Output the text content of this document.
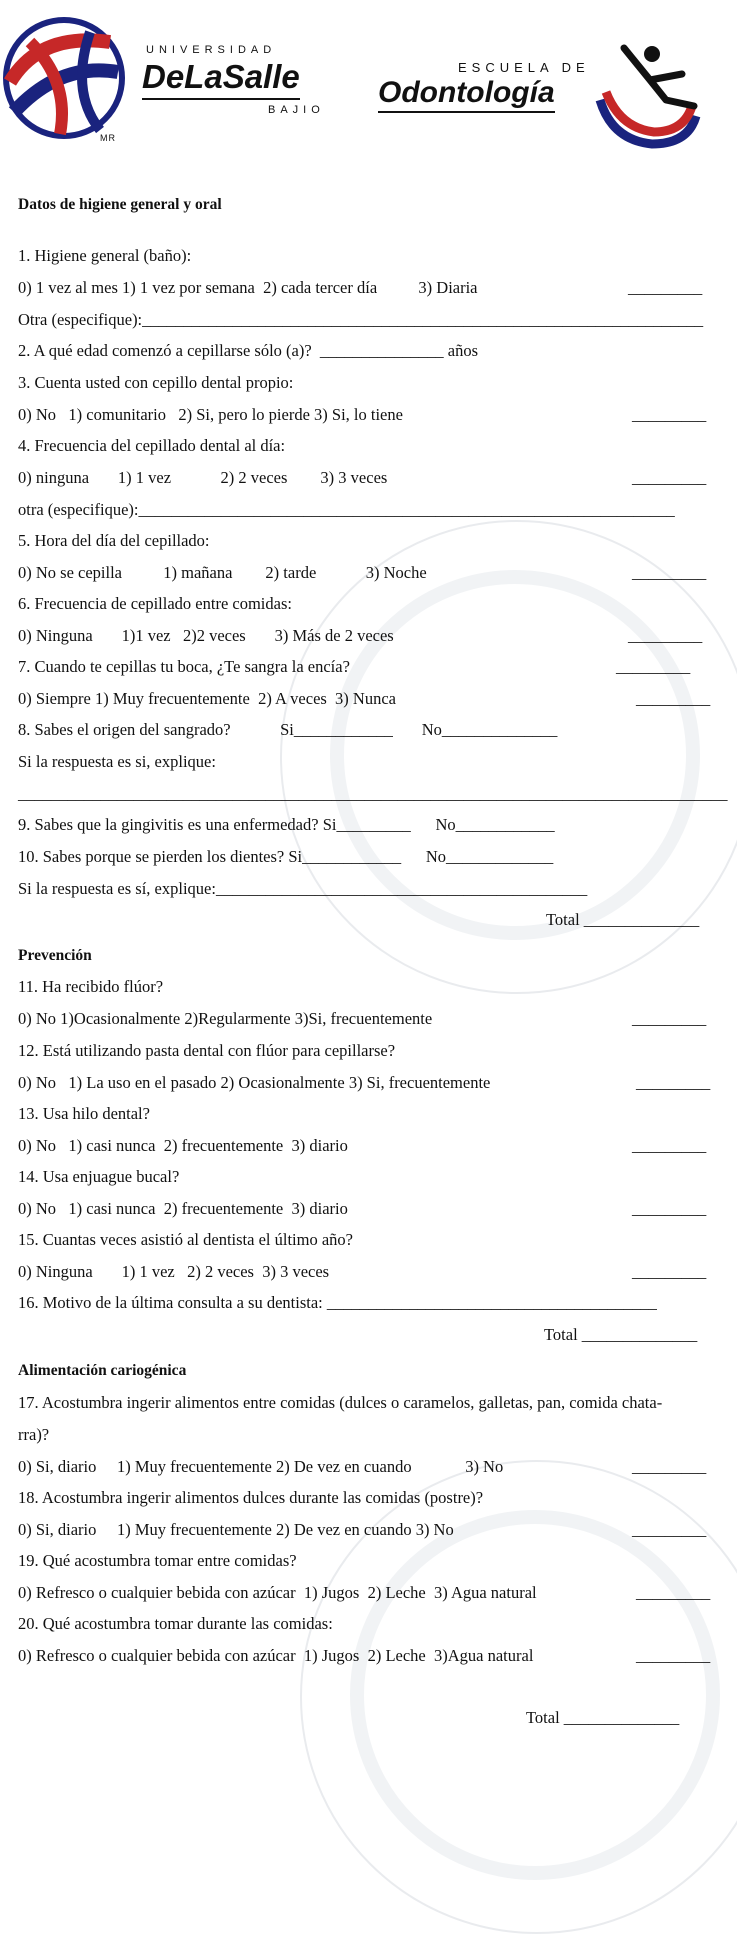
UNIVERSIDAD
DeLaSalle
BAJIO
MR
ESCUELA DE
Odontología
Datos de higiene general y oral
1. Higiene general (baño):
0) 1 vez al mes 1) 1 vez por semana  2) cada tercer día          3) Diaria	_________
Otra (especifique):____________________________________________________________________
2. A qué edad comenzó a cepillarse sólo (a)?  _______________ años
3. Cuenta usted con cepillo dental propio:
0) No   1) comunitario   2) Si, pero lo pierde 3) Si, lo tiene	_________
4. Frecuencia del cepillado dental al día:
0) ninguna       1) 1 vez            2) 2 veces        3) 3 veces	_________
otra (especifique):_________________________________________________________________
5. Hora del día del cepillado:
0) No se cepilla          1) mañana        2) tarde            3) Noche	_________
6. Frecuencia de cepillado entre comidas:
0) Ninguna       1)1 vez   2)2 veces       3) Más de 2 veces	_________
7. Cuando te cepillas tu boca, ¿Te sangra la encía?	_________
0) Siempre 1) Muy frecuentemente  2) A veces  3) Nunca	_________
8. Sabes el origen del sangrado?            Si____________       No______________
Si la respuesta es si, explique:
______________________________________________________________________________________
9. Sabes que la gingivitis es una enfermedad? Si_________      No____________
10. Sabes porque se pierden los dientes? Si____________      No_____________
Si la respuesta es sí, explique:_____________________________________________
Total ______________
Prevención
11. Ha recibido flúor?
0) No 1)Ocasionalmente 2)Regularmente 3)Si, frecuentemente	_________
12. Está utilizando pasta dental con flúor para cepillarse?
0) No   1) La uso en el pasado 2) Ocasionalmente 3) Si, frecuentemente	_________
13. Usa hilo dental?
0) No   1) casi nunca  2) frecuentemente  3) diario	_________
14. Usa enjuague bucal?
0) No   1) casi nunca  2) frecuentemente  3) diario	_________
15. Cuantas veces asistió al dentista el último año?
0) Ninguna       1) 1 vez   2) 2 veces  3) 3 veces	_________
16. Motivo de la última consulta a su dentista: ________________________________________
Total ______________
Alimentación cariogénica
17. Acostumbra ingerir alimentos entre comidas (dulces o caramelos, galletas, pan, comida chata-
rra)?
0) Si, diario     1) Muy frecuentemente 2) De vez en cuando             3) No	_________
18. Acostumbra ingerir alimentos dulces durante las comidas (postre)?
0) Si, diario     1) Muy frecuentemente 2) De vez en cuando 3) No	_________
19. Qué acostumbra tomar entre comidas?
0) Refresco o cualquier bebida con azúcar  1) Jugos  2) Leche  3) Agua natural	_________
20. Qué acostumbra tomar durante las comidas:
0) Refresco o cualquier bebida con azúcar  1) Jugos  2) Leche  3)Agua natural	_________
Total ______________
